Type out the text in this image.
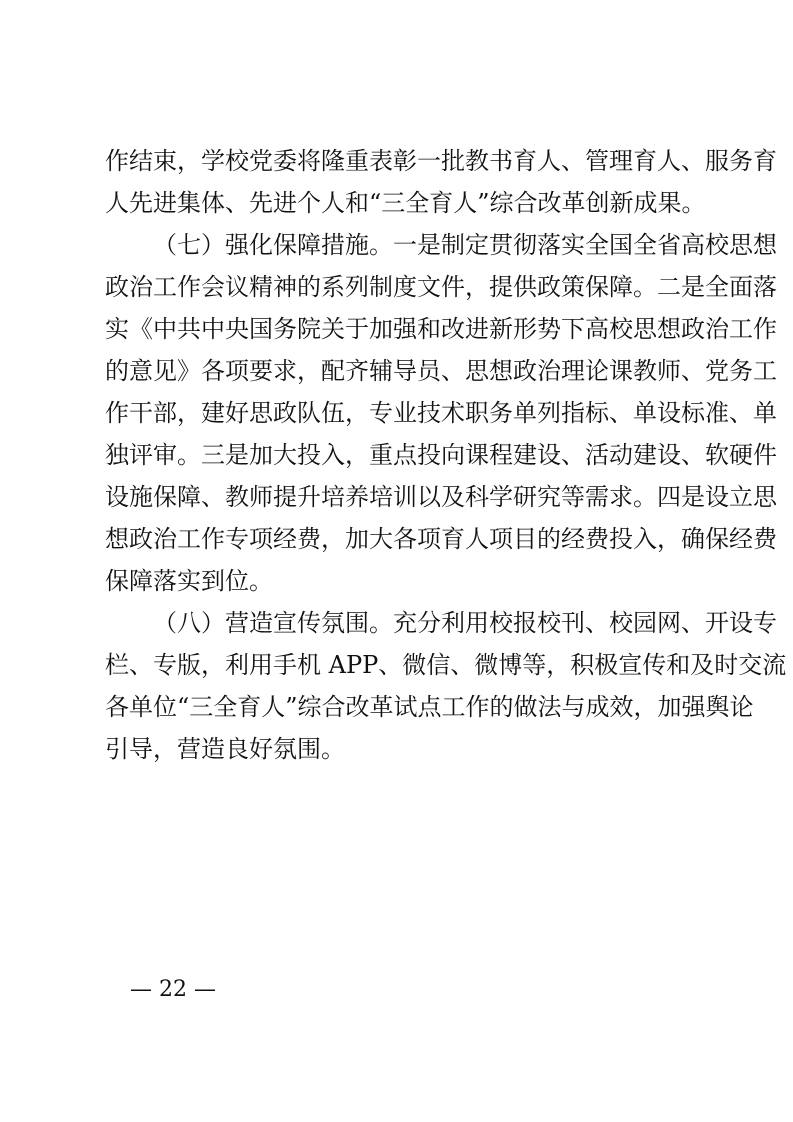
作结束，学校党委将隆重表彰一批教书育人、管理育人、服务育
人先进集体、先进个人和“三全育人”综合改革创新成果。
（七）强化保障措施。一是制定贯彻落实全国全省高校思想
政治工作会议精神的系列制度文件，提供政策保障。二是全面落
实《中共中央国务院关于加强和改进新形势下高校思想政治工作
的意见》各项要求，配齐辅导员、思想政治理论课教师、党务工
作干部，建好思政队伍，专业技术职务单列指标、单设标准、单
独评审。三是加大投入，重点投向课程建设、活动建设、软硬件
设施保障、教师提升培养培训以及科学研究等需求。四是设立思
想政治工作专项经费，加大各项育人项目的经费投入，确保经费
保障落实到位。
（八）营造宣传氛围。充分利用校报校刊、校园网、开设专
栏、专版，利用手机 APP、微信、微博等，积极宣传和及时交流
各单位“三全育人”综合改革试点工作的做法与成效，加强舆论
引导，营造良好氛围。
— 22 —
